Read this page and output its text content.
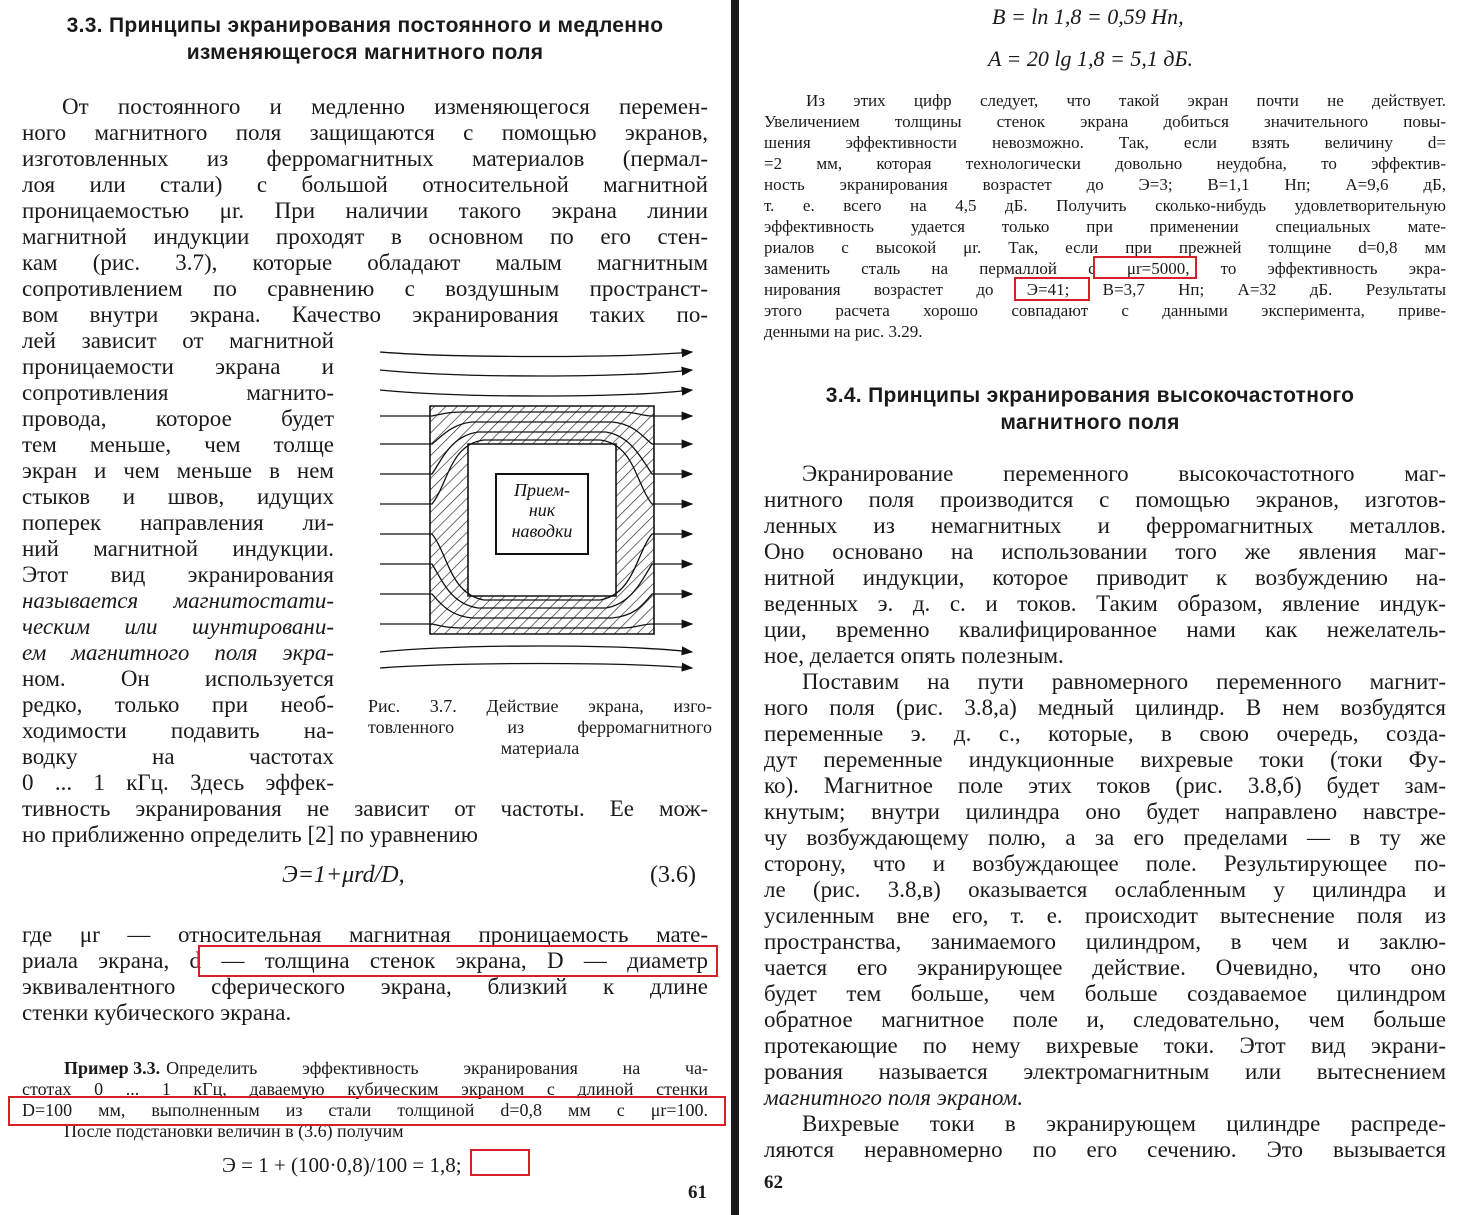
3.3. Принципы экранирования постоянного и медленно
изменяющегося магнитного поля
От постоянного и медленно изменяющегося перемен-
ного магнитного поля защищаются с помощью экранов,
изготовленных из ферромагнитных материалов (пермал-
лоя или стали) с большой относительной магнитной
проницаемостью μr. При наличии такого экрана линии
магнитной индукции проходят в основном по его стен-
кам (рис. 3.7), которые обладают малым магнитным
сопротивлением по сравнению с воздушным пространст-
вом внутри экрана. Качество экранирования таких по-
лей зависит от магнитной
проницаемости экрана и
сопротивления магнито-
провода, которое будет
тем меньше, чем толще
экран и чем меньше в нем
стыков и швов, идущих
поперек направления ли-
ний магнитной индукции.
Этот вид экранирования
называется магнитостати-
ческим или шунтировани-
ем магнитного поля экра-
ном. Он используется
редко, только при необ-
ходимости подавить на-
водку на частотах
0 ... 1 кГц. Здесь эффек-
Прием-
ник
наводки
Рис. 3.7. Действие экрана, изго-
товленного из ферромагнитного
материала
тивность экранирования не зависит от частоты. Ее мож-
но приближенно определить [2] по уравнению
Э=1+μrd/D,	(3.6)
где μr — относительная магнитная проницаемость мате-
риала экрана, d — толщина стенок экрана, D — диаметр
эквивалентного сферического экрана, близкий к длине
стенки кубического экрана.
Пример 3.3. Определить эффективность экранирования на ча-
стотах 0 ... 1 кГц, даваемую кубическим экраном с длиной стенки
D=100 мм, выполненным из стали толщиной d=0,8 мм с μr=100.
После подстановки величин в (3.6) получим
Э = 1 + (100·0,8)/100 = 1,8;
61
B = ln 1,8 = 0,59 Нп,
A = 20 lg 1,8 = 5,1 дБ.
Из этих цифр следует, что такой экран почти не действует.
Увеличением толщины стенок экрана добиться значительного повы-
шения эффективности невозможно. Так, если взять величину d=
=2 мм, которая технологически довольно неудобна, то эффектив-
ность экранирования возрастет до Э=3; B=1,1 Нп; A=9,6 дБ,
т. е. всего на 4,5 дБ. Получить сколько-нибудь удовлетворительную
эффективность удается только при применении специальных мате-
риалов с высокой μr. Так, если при прежней толщине d=0,8 мм
заменить сталь на пермаллой с μr=5000, то эффективность экра-
нирования возрастет до Э=41; B=3,7 Нп; A=32 дБ. Результаты
этого расчета хорошо совпадают с данными эксперимента, приве-
денными на рис. 3.29.
3.4. Принципы экранирования высокочастотного
магнитного поля
Экранирование переменного высокочастотного маг-
нитного поля производится с помощью экранов, изготов-
ленных из немагнитных и ферромагнитных металлов.
Оно основано на использовании того же явления маг-
нитной индукции, которое приводит к возбуждению на-
веденных э. д. с. и токов. Таким образом, явление индук-
ции, временно квалифицированное нами как нежелатель-
ное, делается опять полезным.
Поставим на пути равномерного переменного магнит-
ного поля (рис. 3.8,а) медный цилиндр. В нем возбудятся
переменные э. д. с., которые, в свою очередь, созда-
дут переменные индукционные вихревые токи (токи Фу-
ко). Магнитное поле этих токов (рис. 3.8,б) будет зам-
кнутым; внутри цилиндра оно будет направлено навстре-
чу возбуждающему полю, а за его пределами — в ту же
сторону, что и возбуждающее поле. Результирующее по-
ле (рис. 3.8,в) оказывается ослабленным у цилиндра и
усиленным вне его, т. е. происходит вытеснение поля из
пространства, занимаемого цилиндром, в чем и заклю-
чается его экранирующее действие. Очевидно, что оно
будет тем больше, чем больше создаваемое цилиндром
обратное магнитное поле и, следовательно, чем больше
протекающие по нему вихревые токи. Этот вид экрани-
рования называется электромагнитным или вытеснением
магнитного поля экраном.
Вихревые токи в экранирующем цилиндре распреде-
ляются неравномерно по его сечению. Это вызывается
62
